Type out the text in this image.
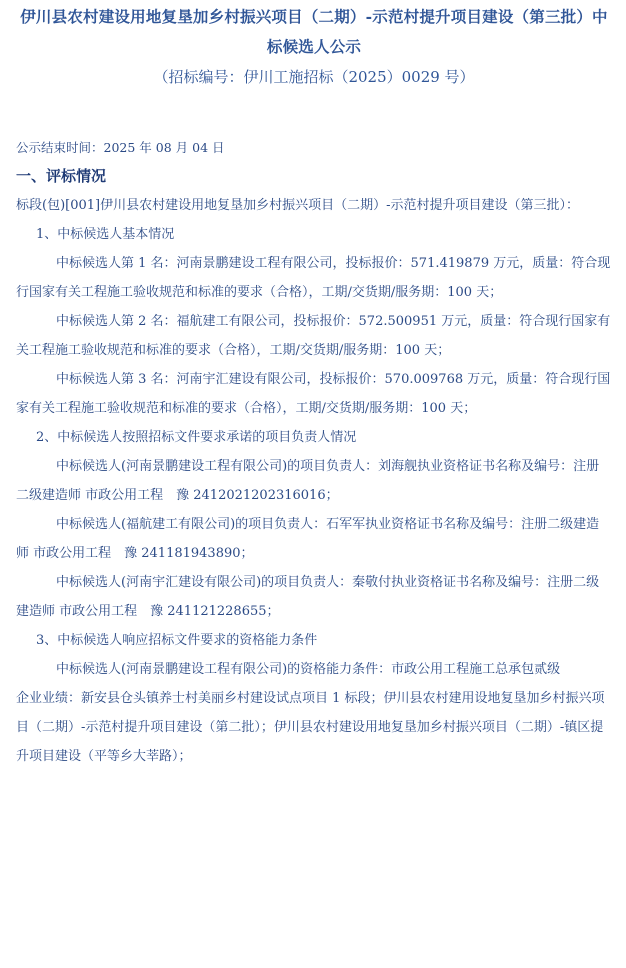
伊川县农村建设用地复垦加乡村振兴项目（二期）-示范村提升项目建设（第三批）中标候选人公示
（招标编号：伊川工施招标（2025）0029 号）

公示结束时间：2025 年 08 月 04 日

一、评标情况

标段(包)[001]伊川县农村建设用地复垦加乡村振兴项目（二期）-示范村提升项目建设（第三批）：

1、中标候选人基本情况

中标候选人第 1 名：河南景鹏建设工程有限公司，投标报价：571.419879 万元，质量：符合现行国家有关工程施工验收规范和标准的要求（合格），工期/交货期/服务期：100 天；

中标候选人第 2 名：福航建工有限公司，投标报价：572.500951 万元，质量：符合现行国家有关工程施工验收规范和标准的要求（合格），工期/交货期/服务期：100 天；

中标候选人第 3 名：河南宇汇建设有限公司，投标报价：570.009768 万元，质量：符合现行国家有关工程施工验收规范和标准的要求（合格），工期/交货期/服务期：100 天；

2、中标候选人按照招标文件要求承诺的项目负责人情况

中标候选人(河南景鹏建设工程有限公司)的项目负责人：刘海舰执业资格证书名称及编号：注册二级建造师 市政公用工程　豫 2412021202316016；

中标候选人(福航建工有限公司)的项目负责人：石军军执业资格证书名称及编号：注册二级建造师 市政公用工程　豫 241181943890；

中标候选人(河南宇汇建设有限公司)的项目负责人：秦敬付执业资格证书名称及编号：注册二级建造师 市政公用工程　豫 241121228655；

3、中标候选人响应招标文件要求的资格能力条件

中标候选人(河南景鹏建设工程有限公司)的资格能力条件：市政公用工程施工总承包贰级

企业业绩：新安县仓头镇养士村美丽乡村建设试点项目 1 标段；伊川县农村建用设地复垦加乡村振兴项目（二期）-示范村提升项目建设（第二批）；伊川县农村建设用地复垦加乡村振兴项目（二期）-镇区提升项目建设（平等乡大莘路）；
